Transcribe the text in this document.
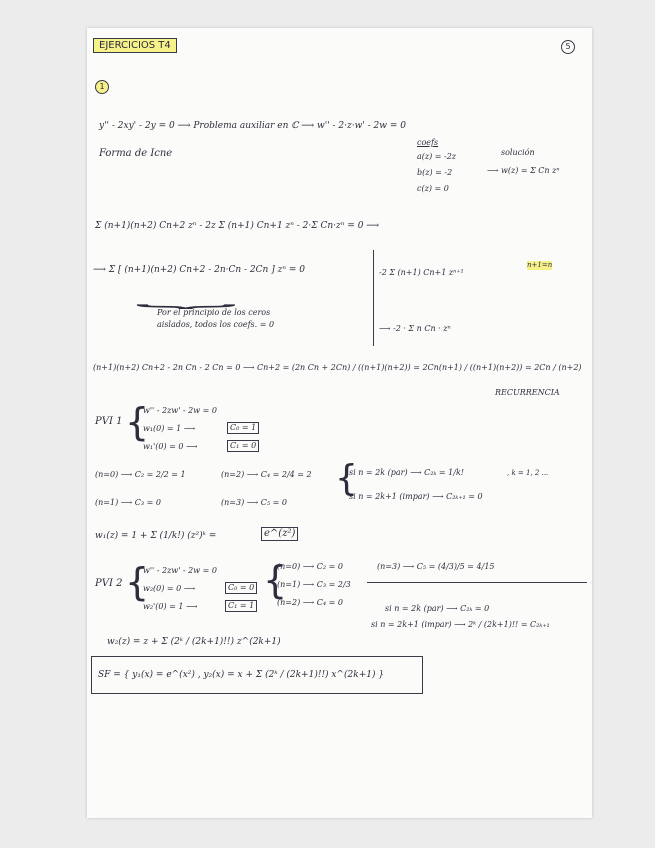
EJERCICIOS T4	5
1
y'' - 2xy' - 2y = 0 ⟶ Problema auxiliar en ℂ ⟶ w'' - 2·z·w' - 2w = 0
Forma de Icne
coefs
a(z) = -2z
b(z) = -2
c(z) = 0
solución
⟶ w(z) = Σ Cn zⁿ
Σ (n+1)(n+2) Cn+2 zⁿ - 2z Σ (n+1) Cn+1 zⁿ - 2·Σ Cn·zⁿ = 0 ⟶
⟶ Σ [ (n+1)(n+2) Cn+2 - 2n·Cn - 2Cn ] zⁿ = 0	-2 Σ (n+1) Cn+1 zⁿ⁺¹
n+1=n
⟶ -2 · Σ n Cn · zⁿ
⏟
Por el principio de los ceros
aislados, todos los coefs. = 0
(n+1)(n+2) Cn+2 - 2n Cn - 2 Cn = 0 ⟶ Cn+2 = (2n Cn + 2Cn) / ((n+1)(n+2)) = 2Cn(n+1) / ((n+1)(n+2)) = 2Cn / (n+2)
RECURRENCIA
PVI 1 {
w'' - 2zw' - 2w = 0
w₁(0) = 1 ⟶	C₀ = 1
w₁'(0) = 0 ⟶	C₁ = 0
(n=0) ⟶ C₂ = 2/2 = 1	(n=2) ⟶ C₄ = 2/4 = 2
(n=1) ⟶ C₃ = 0	(n=3) ⟶ C₅ = 0
{
si n = 2k (par) ⟶ C₂ₖ = 1/k!	, k = 1, 2 ...
si n = 2k+1 (impar) ⟶ C₂ₖ₊₁ = 0
w₁(z) = 1 + Σ (1/k!) (z²)ᵏ =	e^(z²)
PVI 2 {
w'' - 2zw' - 2w = 0
w₂(0) = 0 ⟶	C₀ = 0
w₂'(0) = 1 ⟶	C₁ = 1
{
(n=0) ⟶ C₂ = 0
(n=1) ⟶ C₃ = 2/3
(n=2) ⟶ C₄ = 0
(n=3) ⟶ C₅ = (4/3)/5 = 4/15
si n = 2k (par) ⟶ C₂ₖ = 0
si n = 2k+1 (impar) ⟶ 2ᵏ / (2k+1)!! = C₂ₖ₊₁
w₂(z) = z + Σ (2ᵏ / (2k+1)!!) z^(2k+1)
SF = { y₁(x) = e^(x²) , y₂(x) = x + Σ (2ᵏ / (2k+1)!!) x^(2k+1) }
